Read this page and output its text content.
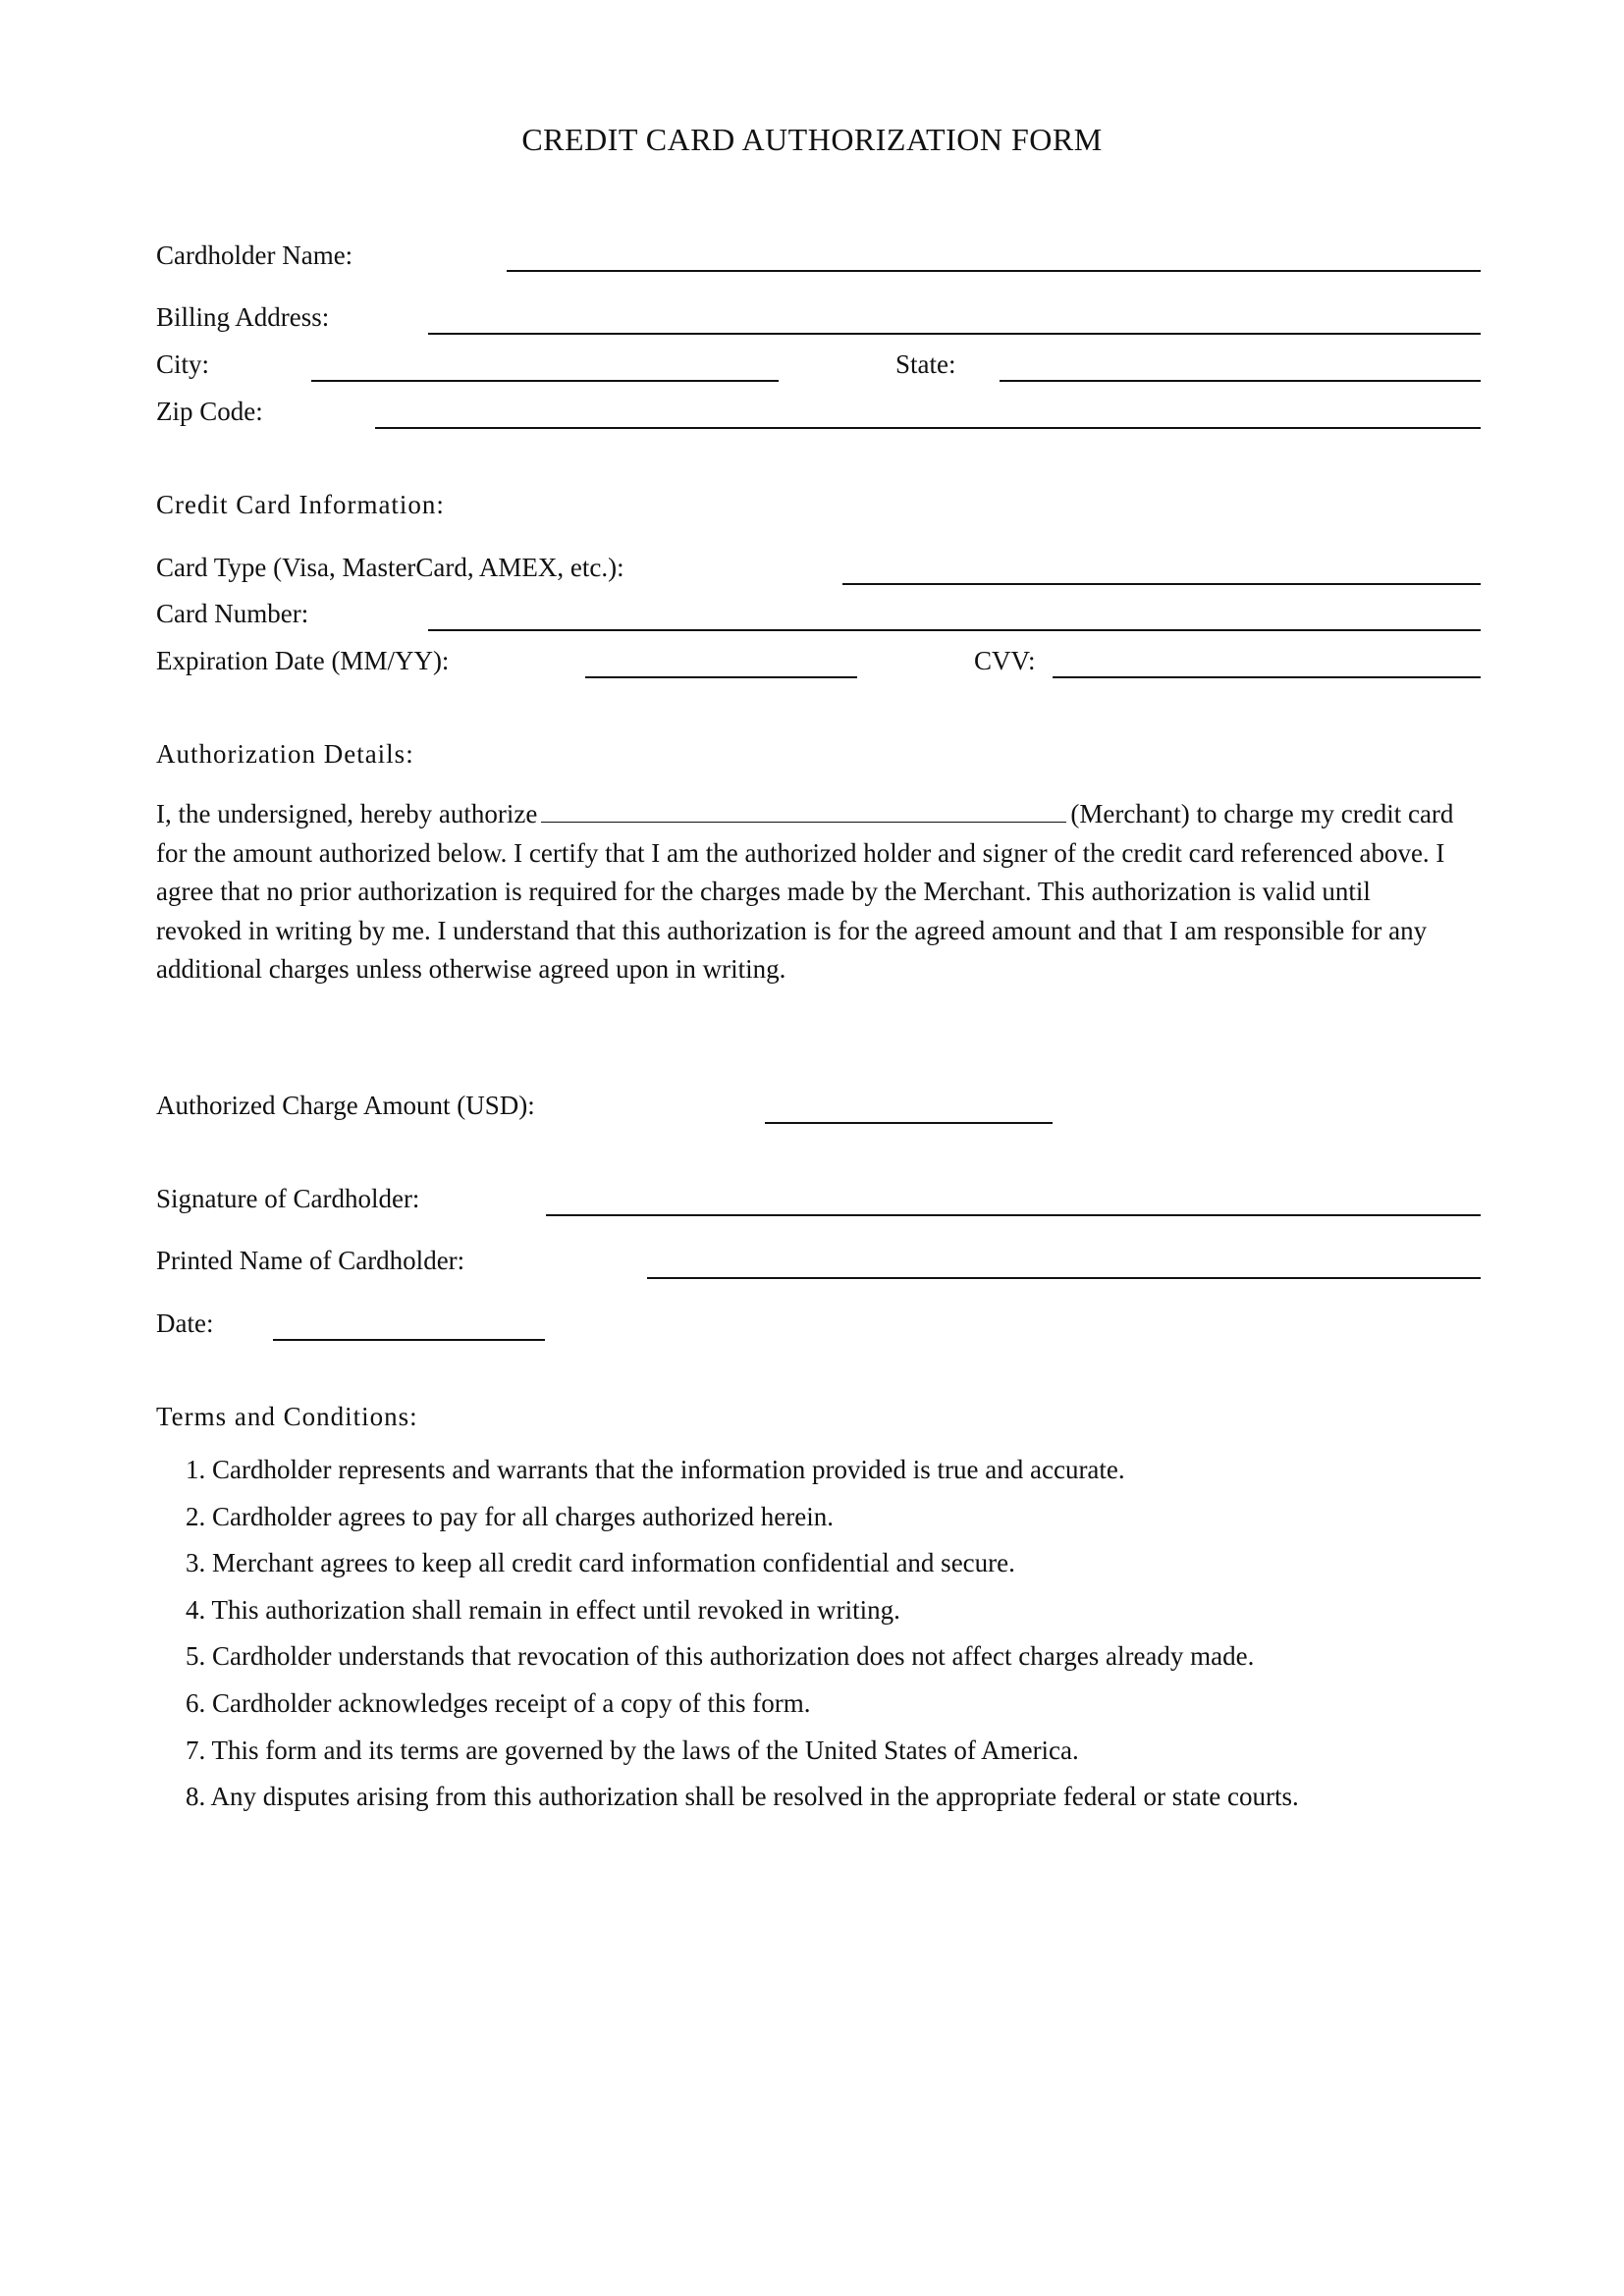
CREDIT CARD AUTHORIZATION FORM
Cardholder Name:
Billing Address:
City:	State:
Zip Code:
Credit Card Information:
Card Type (Visa, MasterCard, AMEX, etc.):
Card Number:
Expiration Date (MM/YY):	CVV:
Authorization Details:
I, the undersigned, hereby authorize	(Merchant) to charge my credit card for the amount authorized below. I certify that I am the authorized holder and signer of the credit card referenced above. I agree that no prior authorization is required for the charges made by the Merchant. This authorization is valid until revoked in writing by me. I understand that this authorization is for the agreed amount and that I am responsible for any additional charges unless otherwise agreed upon in writing.
Authorized Charge Amount (USD):
Signature of Cardholder:
Printed Name of Cardholder:
Date:
Terms and Conditions:
1. Cardholder represents and warrants that the information provided is true and accurate.
2. Cardholder agrees to pay for all charges authorized herein.
3. Merchant agrees to keep all credit card information confidential and secure.
4. This authorization shall remain in effect until revoked in writing.
5. Cardholder understands that revocation of this authorization does not affect charges already made.
6. Cardholder acknowledges receipt of a copy of this form.
7. This form and its terms are governed by the laws of the United States of America.
8. Any disputes arising from this authorization shall be resolved in the appropriate federal or state courts.
